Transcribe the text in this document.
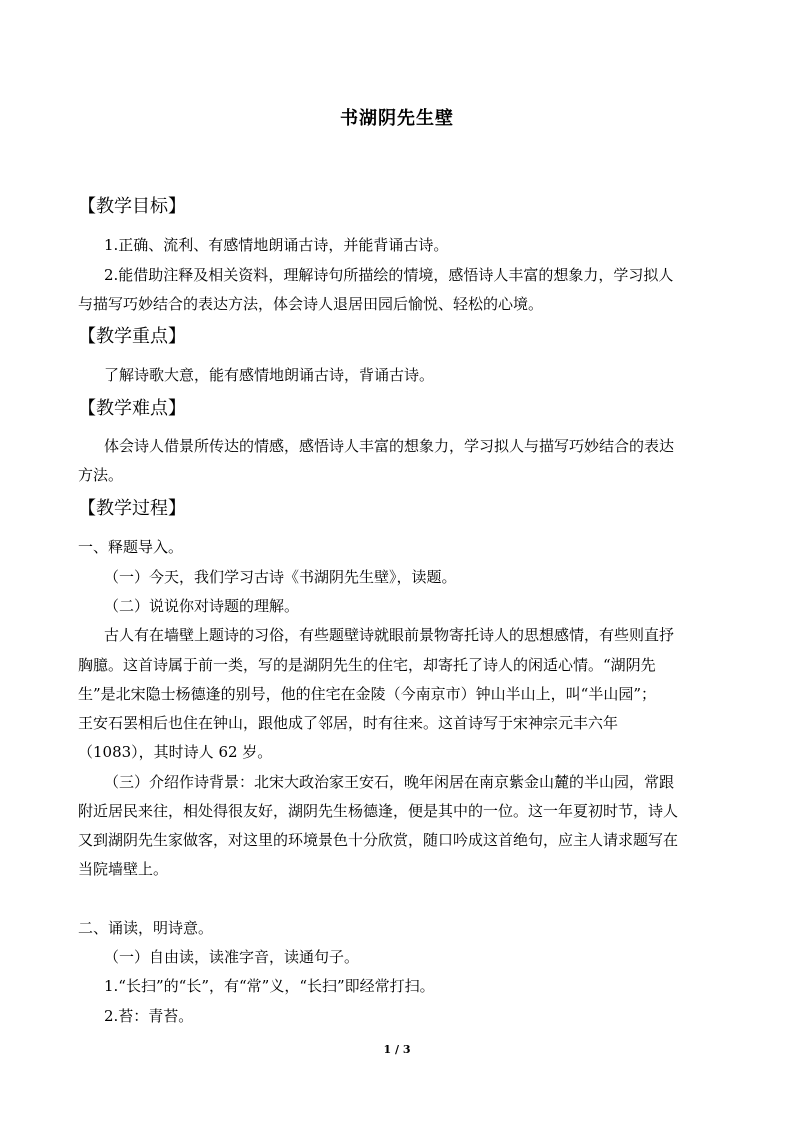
书湖阴先生壁
【教学目标】
1.正确、流利、有感情地朗诵古诗，并能背诵古诗。
2.能借助注释及相关资料，理解诗句所描绘的情境，感悟诗人丰富的想象力，学习拟人
与描写巧妙结合的表达方法，体会诗人退居田园后愉悦、轻松的心境。
【教学重点】
了解诗歌大意，能有感情地朗诵古诗，背诵古诗。
【教学难点】
体会诗人借景所传达的情感，感悟诗人丰富的想象力，学习拟人与描写巧妙结合的表达
方法。
【教学过程】
一、释题导入。
（一）今天，我们学习古诗《书湖阴先生壁》，读题。
（二）说说你对诗题的理解。
古人有在墙壁上题诗的习俗，有些题壁诗就眼前景物寄托诗人的思想感情，有些则直抒
胸臆。这首诗属于前一类，写的是湖阴先生的住宅，却寄托了诗人的闲适心情。“湖阴先
生”是北宋隐士杨德逢的别号，他的住宅在金陵（今南京市）钟山半山上，叫“半山园”；
王安石罢相后也住在钟山，跟他成了邻居，时有往来。这首诗写于宋神宗元丰六年
（1083），其时诗人 62 岁。
（三）介绍作诗背景：北宋大政治家王安石，晚年闲居在南京紫金山麓的半山园，常跟
附近居民来往，相处得很友好，湖阴先生杨德逢，便是其中的一位。这一年夏初时节，诗人
又到湖阴先生家做客，对这里的环境景色十分欣赏，随口吟成这首绝句，应主人请求题写在
当院墙壁上。
二、诵读，明诗意。
（一）自由读，读准字音，读通句子。
1.“长扫”的“长”，有“常”义，“长扫”即经常打扫。
2.苔：青苔。
1 / 3
